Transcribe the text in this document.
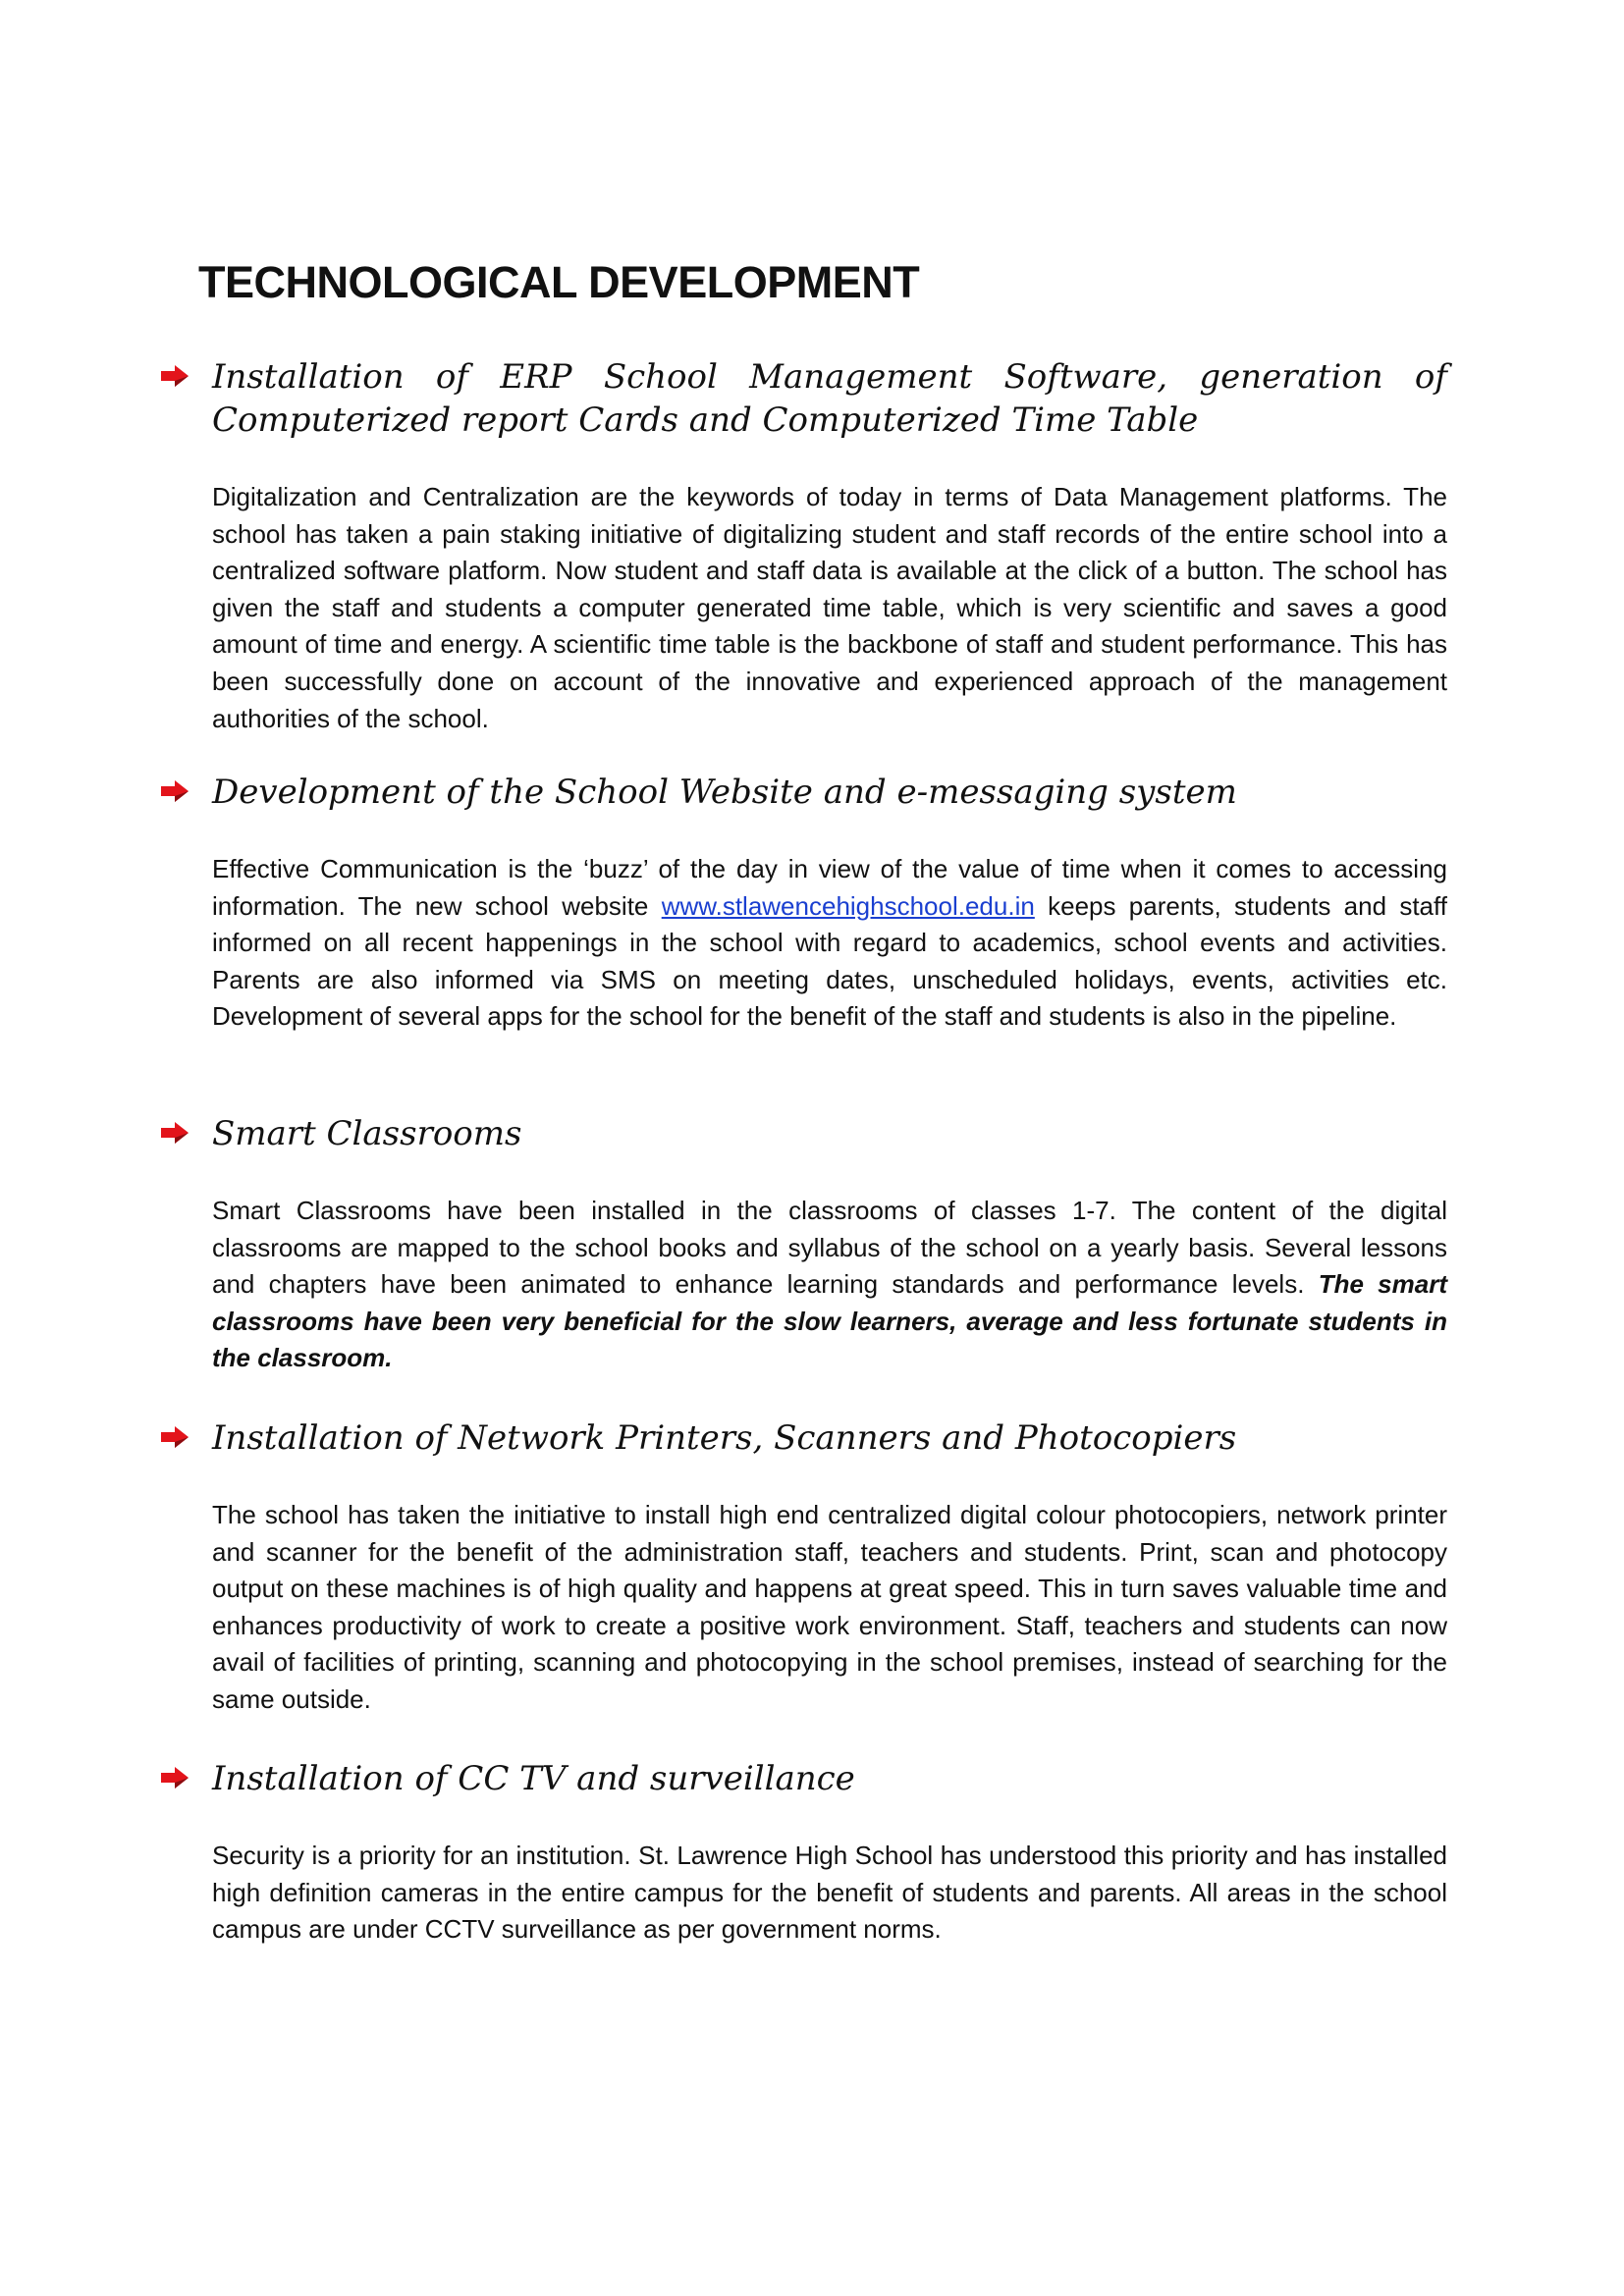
TECHNOLOGICAL DEVELOPMENT

Installation of ERP School Management Software, generation of Computerized report Cards and Computerized Time Table

Digitalization and Centralization are the keywords of today in terms of Data Management platforms. The school has taken a pain staking initiative of digitalizing student and staff records of the entire school into a centralized software platform. Now student and staff data is available at the click of a button. The school has given the staff and students a computer generated time table, which is very scientific and saves a good amount of time and energy. A scientific time table is the backbone of staff and student performance. This has been successfully done on account of the innovative and experienced approach of the management authorities of the school.

Development of the School Website and e-messaging system

Effective Communication is the ‘buzz’ of the day in view of the value of time when it comes to accessing information. The new school website www.stlawencehighschool.edu.in keeps parents, students and staff informed on all recent happenings in the school with regard to academics, school events and activities. Parents are also informed via SMS on meeting dates, unscheduled holidays, events, activities etc. Development of several apps for the school for the benefit of the staff and students is also in the pipeline.

Smart Classrooms

Smart Classrooms have been installed in the classrooms of classes 1-7. The content of the digital classrooms are mapped to the school books and syllabus of the school on a yearly basis. Several lessons and chapters have been animated to enhance learning standards and performance levels. The smart classrooms have been very beneficial for the slow learners, average and less fortunate students in the classroom.

Installation of Network Printers, Scanners and Photocopiers

The school has taken the initiative to install high end centralized digital colour photocopiers, network printer and scanner for the benefit of the administration staff, teachers and students. Print, scan and photocopy output on these machines is of high quality and happens at great speed. This in turn saves valuable time and enhances productivity of work to create a positive work environment. Staff, teachers and students can now avail of facilities of printing, scanning and photocopying in the school premises, instead of searching for the same outside.

Installation of CC TV and surveillance

Security is a priority for an institution. St. Lawrence High School has understood this priority and has installed high definition cameras in the entire campus for the benefit of students and parents. All areas in the school campus are under CCTV surveillance as per government norms.
